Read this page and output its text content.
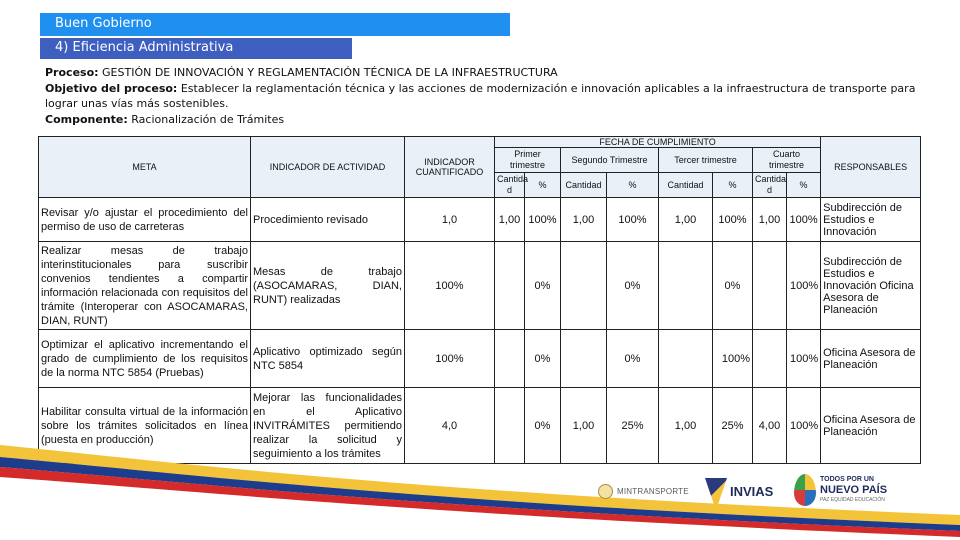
Buen Gobierno
4) Eficiencia Administrativa
Proceso: GESTIÓN DE INNOVACIÓN Y REGLAMENTACIÓN TÉCNICA DE LA INFRAESTRUCTURA
Objetivo del proceso: Establecer la reglamentación técnica y las acciones de modernización e innovación aplicables a la infraestructura de transporte para lograr unas vías más sostenibles.
Componente: Racionalización de Trámites
META	INDICADOR DE ACTIVIDAD	INDICADOR CUANTIFICADO	FECHA DE CUMPLIMIENTO								RESPONSABLES
			Primer trimestre		Segundo Trimestre		Tercer trimestre		Cuarto trimestre		
			Cantida d	%	Cantidad	%	Cantidad	%	Cantida d	%	
Revisar y/o ajustar el procedimiento del permiso de uso de carreteras	Procedimiento revisado	1,0	1,00	100%	1,00	100%	1,00	100%	1,00	100%	Subdirección de Estudios e Innovación
Realizar mesas de trabajo interinstitucionales para suscribir convenios tendientes a compartir información relacionada con requisitos del trámite (Interoperar con ASOCAMARAS, DIAN, RUNT)	Mesas de trabajo (ASOCAMARAS, DIAN, RUNT) realizadas	100%		0%		0%		0%		100%	Subdirección de Estudios e Innovación Oficina Asesora de Planeación
Optimizar el aplicativo incrementando el grado de cumplimiento de los requisitos de la norma NTC 5854 (Pruebas)	Aplicativo optimizado según NTC 5854	100%		0%		0%		100%		100%	Oficina Asesora de Planeación
Habilitar consulta virtual de la información sobre los trámites solicitados en línea (puesta en producción)	Mejorar las funcionalidades en el Aplicativo INVITRÁMITES permitiendo realizar la solicitud y seguimiento a los trámites	4,0		0%	1,00	25%	1,00	25%	4,00	100%	Oficina Asesora de Planeación
MINTRANSPORTE	INVIAS
TODOS POR UN
NUEVO PAÍS
PAZ EQUIDAD EDUCACIÓN
